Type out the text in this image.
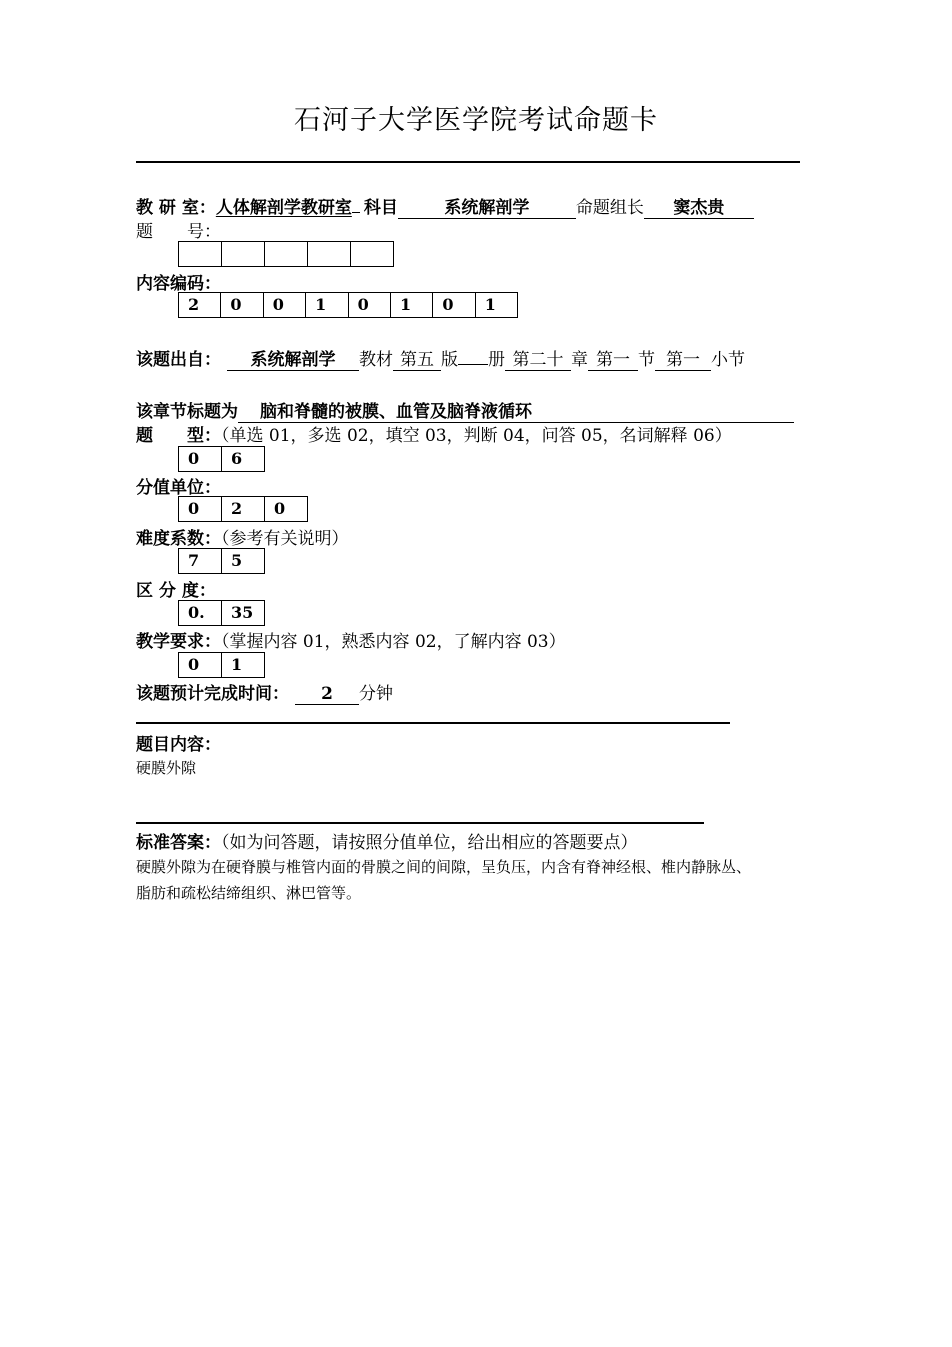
石河子大学医学院考试命题卡
教 研 室：人体解剖学教研室 科目	系统解剖学	命题组长 窦杰贵
题　　号：
内容编码：
2	0	0	1	0	1	0	1
该题出自： 系统解剖学 教材 第五 版 册 第二十 章 第一 节 第一 小节
该章节标题为 脑和脊髓的被膜、血管及脑脊液循环
题　　型：（单选 01，多选 02，填空 03，判断 04，问答 05，名词解释 06）
0	6
分值单位：
0	2	0
难度系数：（参考有关说明）
7	5
区 分 度：
0.	35
教学要求：（掌握内容 01，熟悉内容 02，了解内容 03）
0	1
该题预计完成时间： 2 分钟
题目内容：
硬膜外隙
标准答案：（如为问答题，请按照分值单位，给出相应的答题要点）
硬膜外隙为在硬脊膜与椎管内面的骨膜之间的间隙，呈负压，内含有脊神经根、椎内静脉丛、
脂肪和疏松结缔组织、淋巴管等。
